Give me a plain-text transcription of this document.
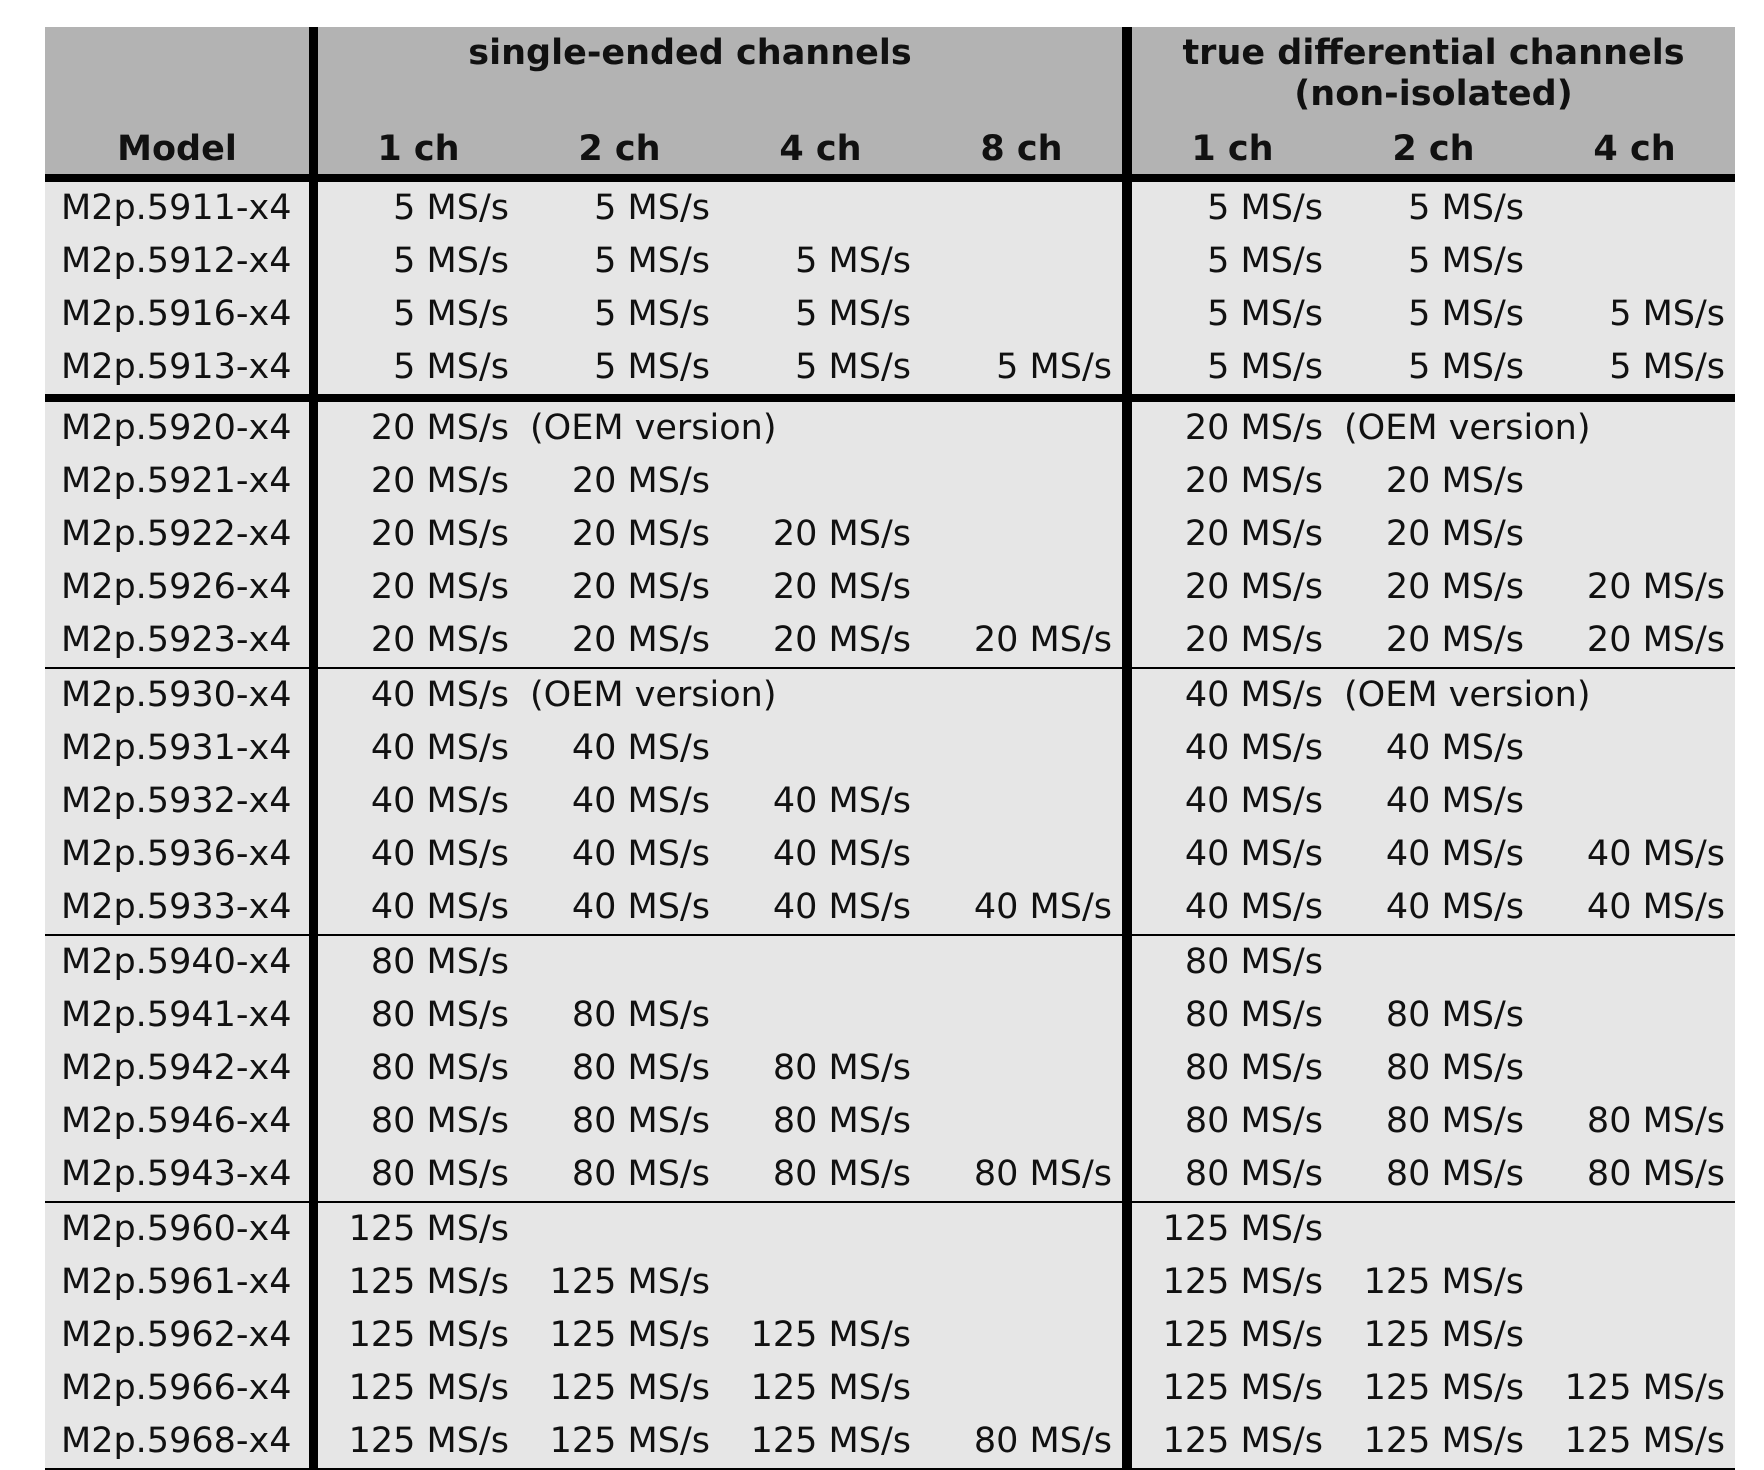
Model		single-ended channels					true differential channels
(non-isolated)		

		1 ch	2 ch	4 ch	8 ch		1 ch	2 ch	4 ch
M2p.5911-x4		5 MS/s	5 MS/s				5 MS/s	5 MS/s	
M2p.5912-x4		5 MS/s	5 MS/s	5 MS/s			5 MS/s	5 MS/s	
M2p.5916-x4		5 MS/s	5 MS/s	5 MS/s			5 MS/s	5 MS/s	5 MS/s
M2p.5913-x4		5 MS/s	5 MS/s	5 MS/s	5 MS/s		5 MS/s	5 MS/s	5 MS/s
M2p.5920-x4		20 MS/s	(OEM version)				20 MS/s	(OEM version)	
M2p.5921-x4		20 MS/s	20 MS/s				20 MS/s	20 MS/s	
M2p.5922-x4		20 MS/s	20 MS/s	20 MS/s			20 MS/s	20 MS/s	
M2p.5926-x4		20 MS/s	20 MS/s	20 MS/s			20 MS/s	20 MS/s	20 MS/s
M2p.5923-x4		20 MS/s	20 MS/s	20 MS/s	20 MS/s		20 MS/s	20 MS/s	20 MS/s
M2p.5930-x4		40 MS/s	(OEM version)				40 MS/s	(OEM version)	
M2p.5931-x4		40 MS/s	40 MS/s				40 MS/s	40 MS/s	
M2p.5932-x4		40 MS/s	40 MS/s	40 MS/s			40 MS/s	40 MS/s	
M2p.5936-x4		40 MS/s	40 MS/s	40 MS/s			40 MS/s	40 MS/s	40 MS/s
M2p.5933-x4		40 MS/s	40 MS/s	40 MS/s	40 MS/s		40 MS/s	40 MS/s	40 MS/s
M2p.5940-x4		80 MS/s					80 MS/s		
M2p.5941-x4		80 MS/s	80 MS/s				80 MS/s	80 MS/s	
M2p.5942-x4		80 MS/s	80 MS/s	80 MS/s			80 MS/s	80 MS/s	
M2p.5946-x4		80 MS/s	80 MS/s	80 MS/s			80 MS/s	80 MS/s	80 MS/s
M2p.5943-x4		80 MS/s	80 MS/s	80 MS/s	80 MS/s		80 MS/s	80 MS/s	80 MS/s
M2p.5960-x4		125 MS/s					125 MS/s		
M2p.5961-x4		125 MS/s	125 MS/s				125 MS/s	125 MS/s	
M2p.5962-x4		125 MS/s	125 MS/s	125 MS/s			125 MS/s	125 MS/s	
M2p.5966-x4		125 MS/s	125 MS/s	125 MS/s			125 MS/s	125 MS/s	125 MS/s
M2p.5968-x4		125 MS/s	125 MS/s	125 MS/s	80 MS/s		125 MS/s	125 MS/s	125 MS/s
